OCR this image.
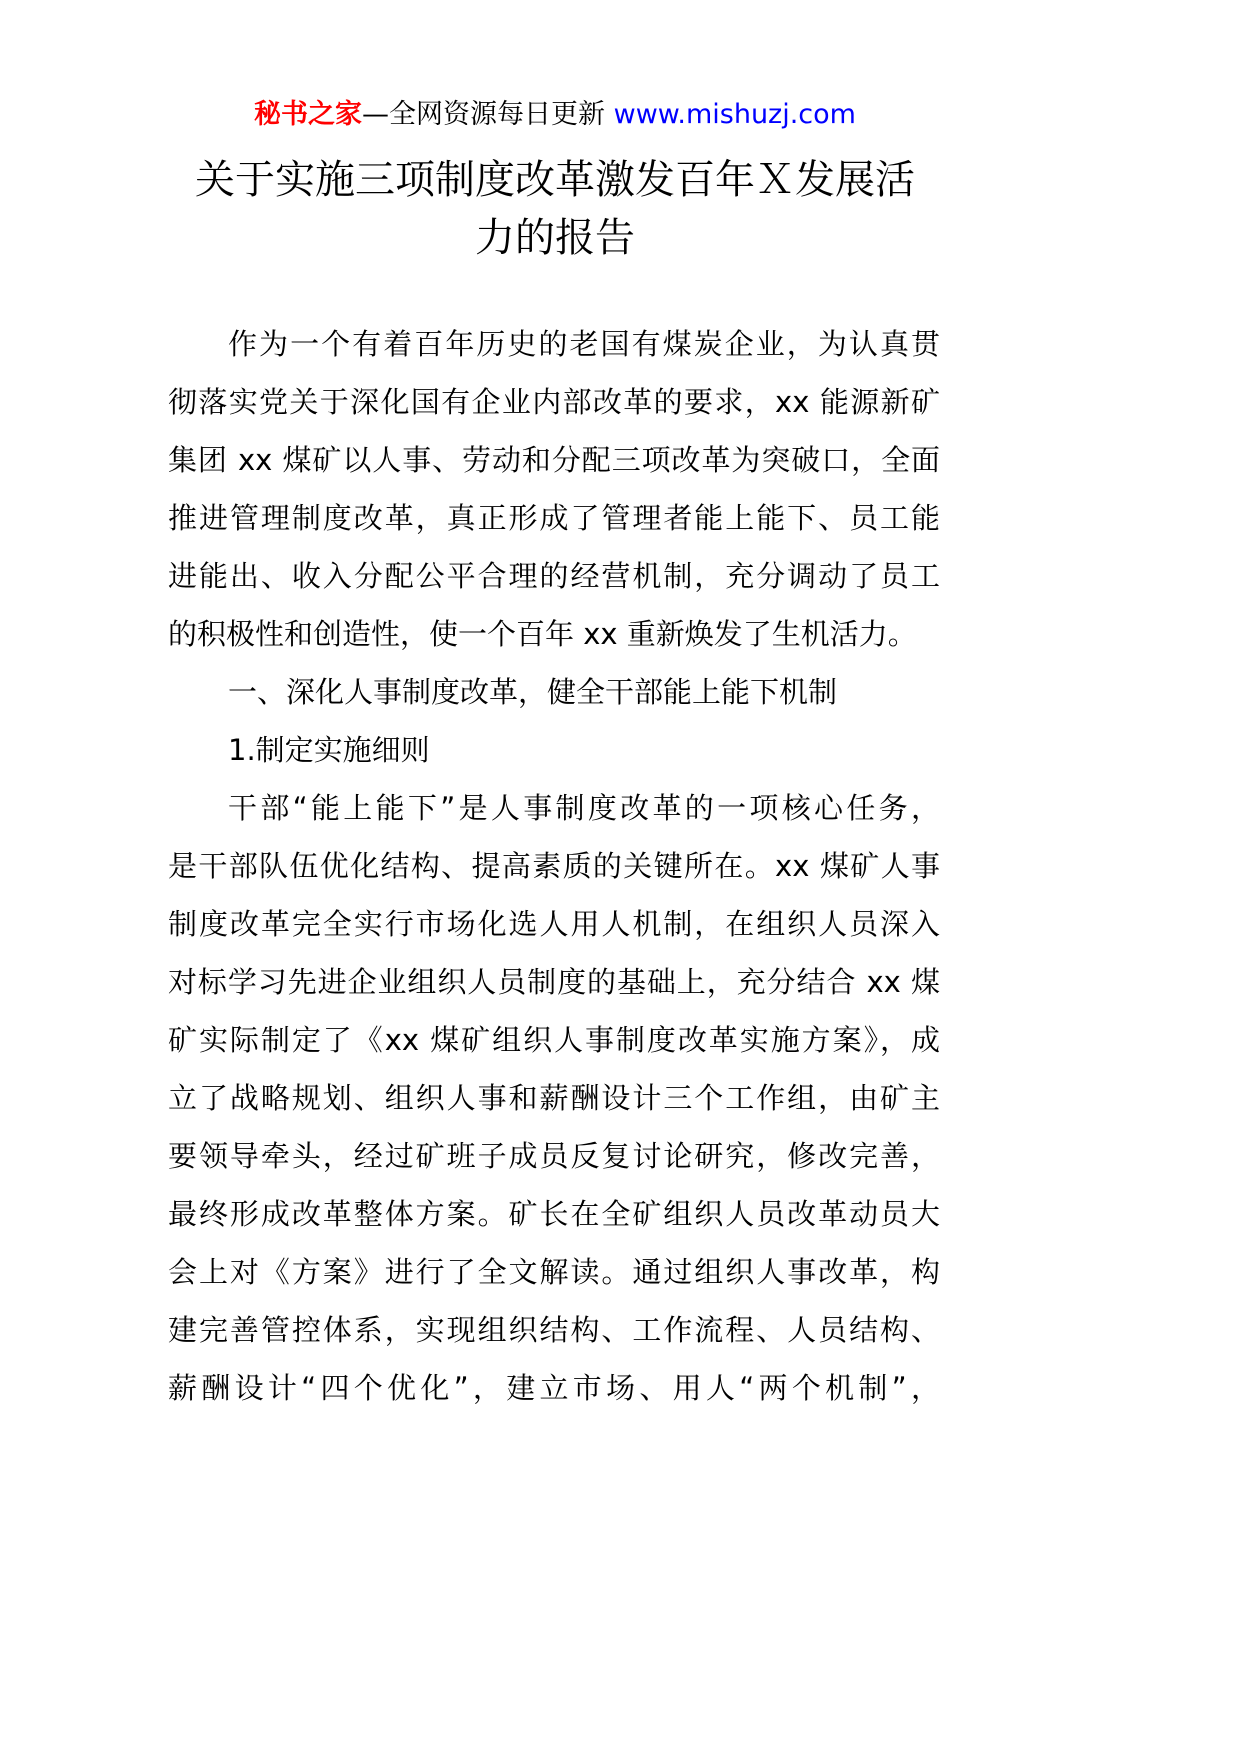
秘书之家—全网资源每日更新 www.mishuzj.com
关于实施三项制度改革激发百年Ｘ发展活
力的报告
作为一个有着百年历史的老国有煤炭企业，为认真贯
彻落实党关于深化国有企业内部改革的要求，xx 能源新矿
集团 xx 煤矿以人事、劳动和分配三项改革为突破口，全面
推进管理制度改革，真正形成了管理者能上能下、员工能
进能出、收入分配公平合理的经营机制，充分调动了员工
的积极性和创造性，使一个百年 xx 重新焕发了生机活力。
一、深化人事制度改革，健全干部能上能下机制
1.制定实施细则
干部“能上能下”是人事制度改革的一项核心任务，
是干部队伍优化结构、提高素质的关键所在。xx 煤矿人事
制度改革完全实行市场化选人用人机制，在组织人员深入
对标学习先进企业组织人员制度的基础上，充分结合 xx 煤
矿实际制定了《xx 煤矿组织人事制度改革实施方案》，成
立了战略规划、组织人事和薪酬设计三个工作组，由矿主
要领导牵头，经过矿班子成员反复讨论研究，修改完善，
最终形成改革整体方案。矿长在全矿组织人员改革动员大
会上对《方案》进行了全文解读。通过组织人事改革，构
建完善管控体系，实现组织结构、工作流程、人员结构、
薪酬设计“四个优化”，建立市场、用人“两个机制”，
